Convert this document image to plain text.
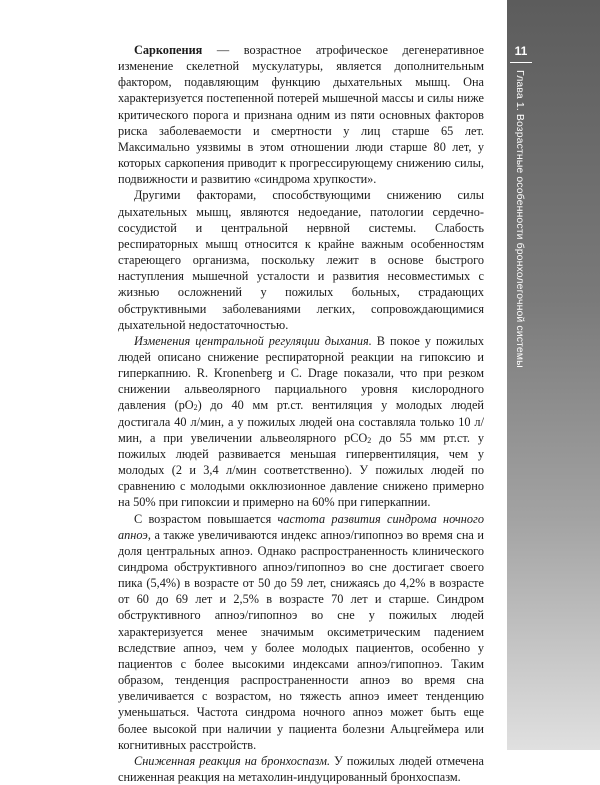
11
Глава 1. Возрастные особенности бронхолегочной системы

Саркопения — возрастное атрофическое дегенеративное изменение скелетной мускулатуры, является дополнительным фактором, подавляющим функцию дыхательных мышц. Она характеризуется постепенной потерей мышечной массы и силы ниже критического порога и признана одним из пяти основных факторов риска заболеваемости и смертности у лиц старше 65 лет. Максимально уязвимы в этом отношении люди старше 80 лет, у которых саркопения приводит к прогрессирующему снижению силы, подвижности и развитию «синдрома хрупкости».

Другими факторами, способствующими снижению силы дыхательных мышц, являются недоедание, патологии сердечно-сосудистой и центральной нервной системы. Слабость респираторных мышц относится к крайне важным особенностям стареющего организма, поскольку лежит в основе быстрого наступления мышечной усталости и развития несовместимых с жизнью осложнений у пожилых больных, страдающих обструктивными заболеваниями легких, сопровождающимися дыхательной недостаточностью.

Изменения центральной регуляции дыхания. В покое у пожилых людей описано снижение респираторной реакции на гипоксию и гиперкапнию. R. Kronenberg и C. Drage показали, что при резком снижении альвеолярного парциального уровня кислородного давления $(pO_2)$ до 40 мм рт.ст. вентиляция у молодых людей достигала 40 л/мин, а у пожилых людей она составляла только 10 л/мин, а при увеличении альвеолярного pCO$_2$ до 55 мм рт.ст. у пожилых людей развивается меньшая гипервентиляция, чем у молодых (2 и 3,4 л/мин соответственно). У пожилых людей по сравнению с молодыми окклюзионное давление снижено примерно на 50% при гипоксии и примерно на 60% при гиперкапнии.

С возрастом повышается частота развития синдрома ночного апноэ, а также увеличиваются индекс апноэ/гипопноэ во время сна и доля центральных апноэ. Однако распространенность клинического синдрома обструктивного апноэ/гипопноэ во сне достигает своего пика (5,4%) в возрасте от 50 до 59 лет, снижаясь до 4,2% в возрасте от 60 до 69 лет и 2,5% в возрасте 70 лет и старше. Синдром обструктивного апноэ/гипопноэ во сне у пожилых людей характеризуется менее значимым оксиметрическим падением вследствие апноэ, чем у более молодых пациентов, особенно у пациентов с более высокими индексами апноэ/гипопноэ. Таким образом, тенденция распространенности апноэ во время сна увеличивается с возрастом, но тяжесть апноэ имеет тенденцию уменьшаться. Частота синдрома ночного апноэ может быть еще более высокой при наличии у пациента болезни Альцгеймера или когнитивных расстройств.

Сниженная реакция на бронхоспазм. У пожилых людей отмечена сниженная реакция на метахолин-индуцированный бронхоспазм.
